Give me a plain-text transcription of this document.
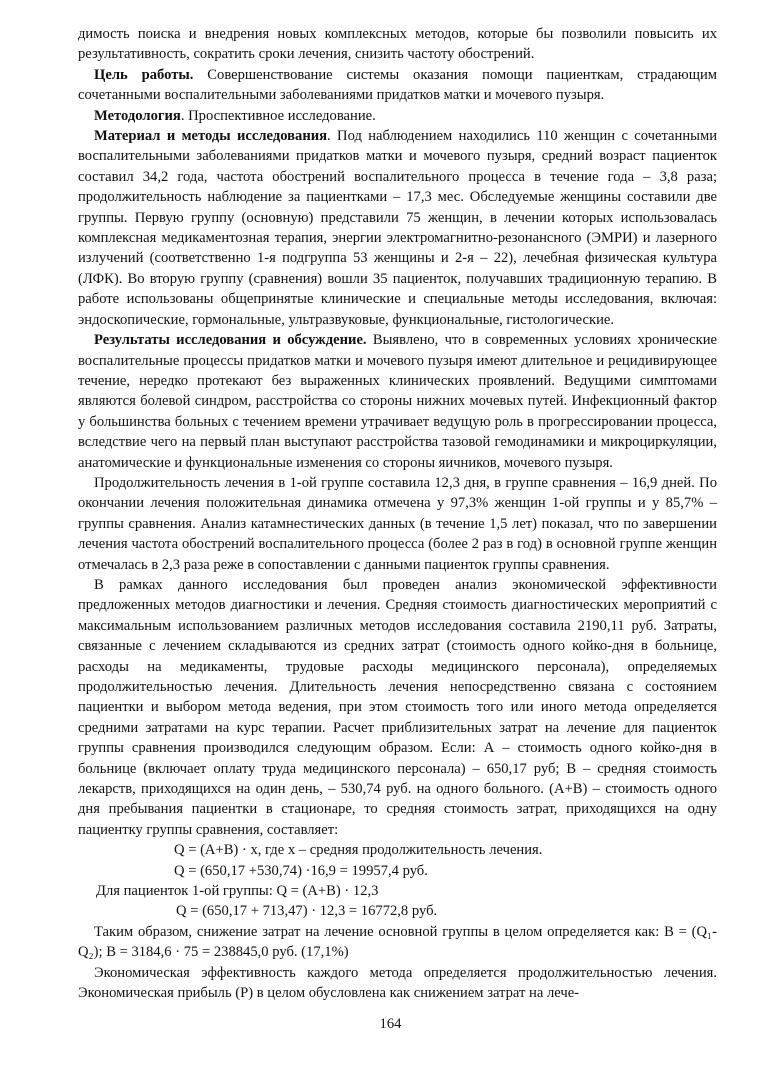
димость поиска и внедрения новых комплексных методов, которые бы позволили повысить их результативность, сократить сроки лечения, снизить частоту обострений.

Цель работы. Совершенствование системы оказания помощи пациенткам, страдающим сочетанными воспалительными заболеваниями придатков матки и мочевого пузыря.

Методология. Проспективное исследование.

Материал и методы исследования. Под наблюдением находились 110 женщин с сочетанными воспалительными заболеваниями придатков матки и мочевого пузыря, средний возраст пациенток составил 34,2 года, частота обострений воспалительного процесса в течение года – 3,8 раза; продолжительность наблюдение за пациентками – 17,3 мес. Обследуемые женщины составили две группы. Первую группу (основную) представили 75 женщин, в лечении которых использовалась комплексная медикаментозная терапия, энергии электромагнитно-резонансного (ЭМРИ) и лазерного излучений (соответственно 1-я подгруппа 53 женщины и 2-я – 22), лечебная физическая культура (ЛФК). Во вторую группу (сравнения) вошли 35 пациенток, получавших традиционную терапию. В работе использованы общепринятые клинические и специальные методы исследования, включая: эндоскопические, гормональные, ультразвуковые, функциональные, гистологические.

Результаты исследования и обсуждение. Выявлено, что в современных условиях хронические воспалительные процессы придатков матки и мочевого пузыря имеют длительное и рецидивирующее течение, нередко протекают без выраженных клинических проявлений. Ведущими симптомами являются болевой синдром, расстройства со стороны нижних мочевых путей. Инфекционный фактор у большинства больных с течением времени утрачивает ведущую роль в прогрессировании процесса, вследствие чего на первый план выступают расстройства тазовой гемодинамики и микроциркуляции, анатомические и функциональные изменения со стороны яичников, мочевого пузыря.

Продолжительность лечения в 1-ой группе составила 12,3 дня, в группе сравнения – 16,9 дней. По окончании лечения положительная динамика отмечена у 97,3% женщин 1-ой группы и у 85,7% – группы сравнения. Анализ катамнестических данных (в течение 1,5 лет) показал, что по завершении лечения частота обострений воспалительного процесса (более 2 раз в год) в основной группе женщин отмечалась в 2,3 раза реже в сопоставлении с данными пациенток группы сравнения.

В рамках данного исследования был проведен анализ экономической эффективности предложенных методов диагностики и лечения. Средняя стоимость диагностических мероприятий с максимальным использованием различных методов исследования составила 2190,11 руб. Затраты, связанные с лечением складываются из средних затрат (стоимость одного койко-дня в больнице, расходы на медикаменты, трудовые расходы медицинского персонала), определяемых продолжительностью лечения. Длительность лечения непосредственно связана с состоянием пациентки и выбором метода ведения, при этом стоимость того или иного метода определяется средними затратами на курс терапии. Расчет приблизительных затрат на лечение для пациенток группы сравнения производился следующим образом. Если: А – стоимость одного койко-дня в больнице (включает оплату труда медицинского персонала) – 650,17 руб; В – средняя стоимость лекарств, приходящихся на один день, – 530,74 руб. на одного больного. (А+В) – стоимость одного дня пребывания пациентки в стационаре, то средняя стоимость затрат, приходящихся на одну пациентку группы сравнения, составляет:

Q = (A+B) · x, где x – средняя продолжительность лечения.

Q = (650,17 +530,74) ·16,9 = 19957,4 руб.

Для пациенток 1-ой группы: Q = (A+B) · 12,3

Q = (650,17 + 713,47) · 12,3 = 16772,8 руб.

Таким образом, снижение затрат на лечение основной группы в целом определяется как: В = (Q₁- Q₂); В = 3184,6 · 75 = 238845,0 руб. (17,1%)

Экономическая эффективность каждого метода определяется продолжительностью лечения. Экономическая прибыль (Р) в целом обусловлена как снижением затрат на лече-

164
